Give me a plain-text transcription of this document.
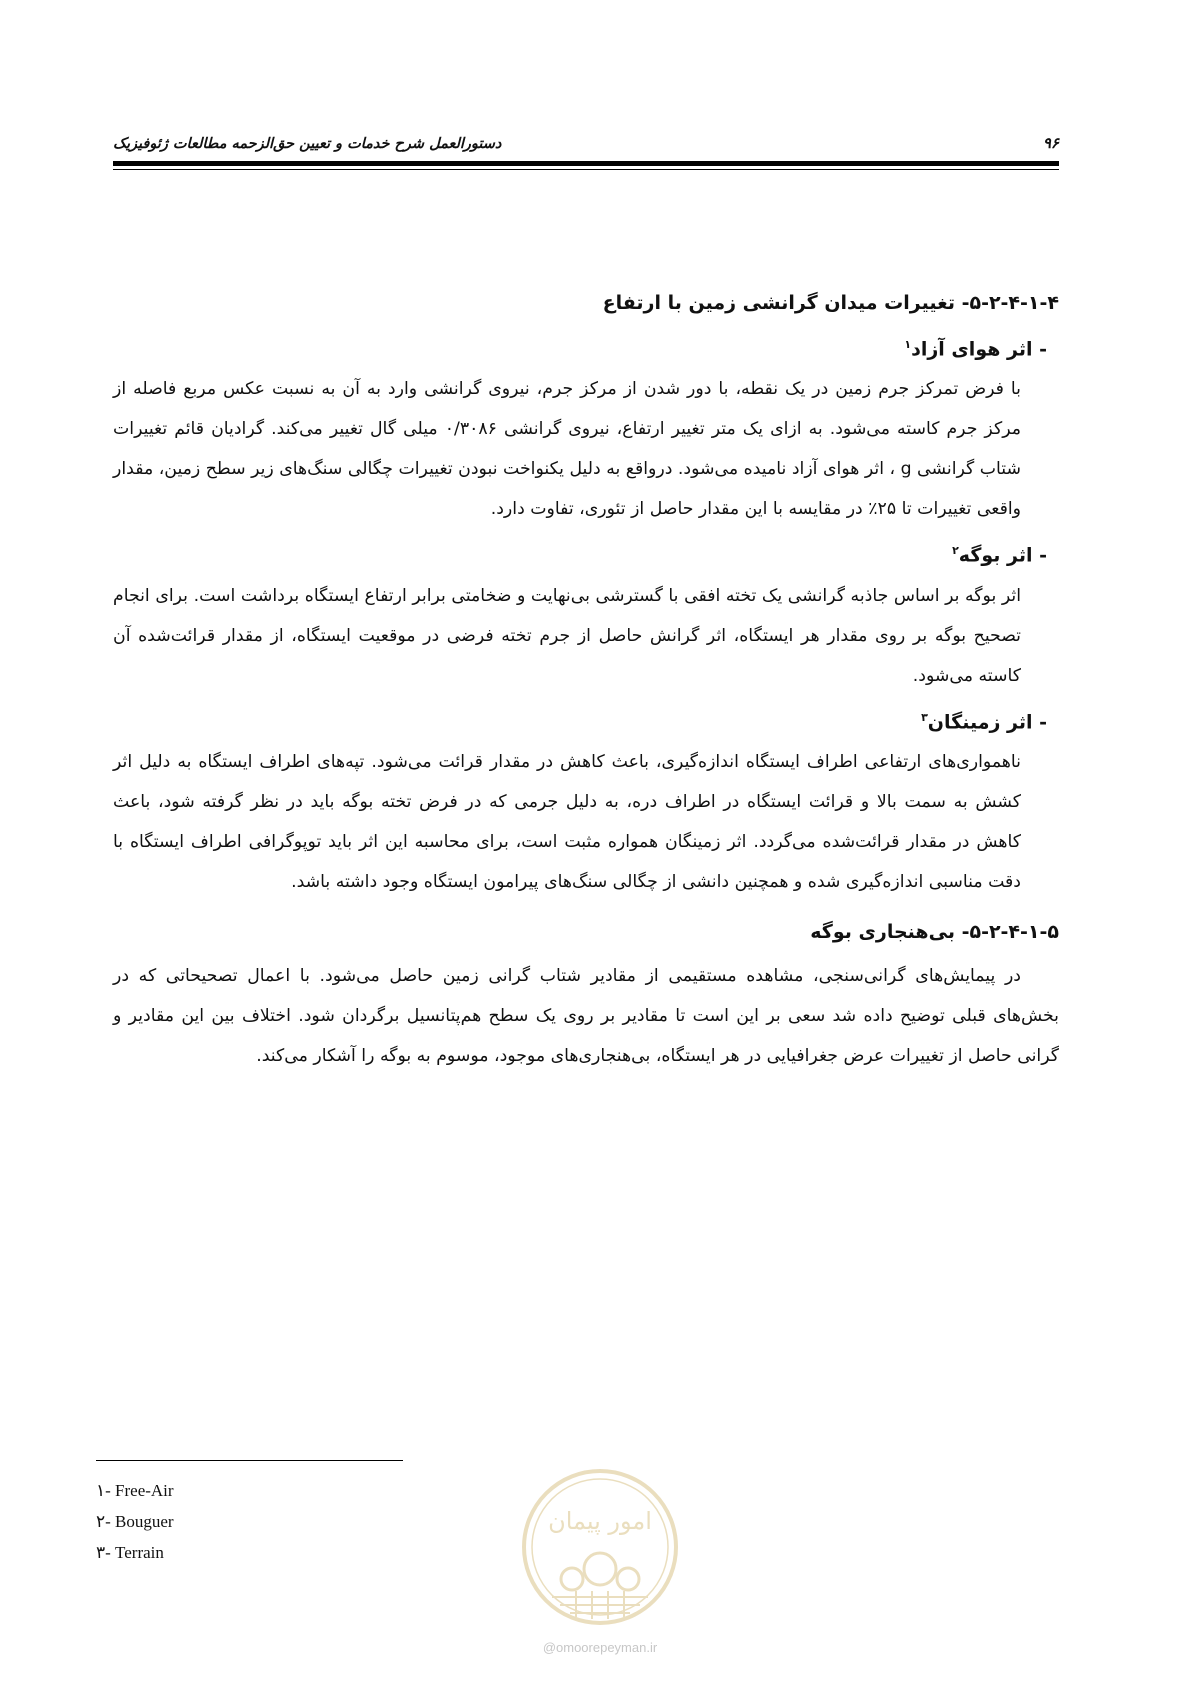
۹۶
دستورالعمل شرح خدمات و تعیین حق‌الزحمه مطالعات ژئوفیزیک
۵-۲-۴-۱-۴- تغییرات میدان گرانشی زمین با ارتفاع
- اثر هوای آزاد$^۱$

با فرض تمرکز جرم زمین در یک نقطه، با دور شدن از مرکز جرم، نیروی گرانشی وارد به آن به نسبت عکس مربع فاصله از مرکز جرم کاسته می‌شود. به ازای یک متر تغییر ارتفاع، نیروی گرانشی ۰/۳۰۸۶ میلی گال تغییر می‌کند. گرادیان قائم تغییرات شتاب گرانشی g ، اثر هوای آزاد نامیده می‌شود. درواقع به دلیل یکنواخت نبودن تغییرات چگالی سنگ‌های زیر سطح زمین، مقدار واقعی تغییرات تا ۲۵٪ در مقایسه با این مقدار حاصل از تئوری، تفاوت دارد.

- اثر بوگه$^۲$

اثر بوگه بر اساس جاذبه گرانشی یک تخته افقی با گسترشی بی‌نهایت و ضخامتی برابر ارتفاع ایستگاه برداشت است. برای انجام تصحیح بوگه بر روی مقدار هر ایستگاه، اثر گرانش حاصل از جرم تخته فرضی در موقعیت ایستگاه، از مقدار قرائت‌شده آن کاسته می‌شود.

- اثر زمینگان$^۳$

ناهمواری‌های ارتفاعی اطراف ایستگاه اندازه‌گیری، باعث کاهش در مقدار قرائت می‌شود. تپه‌های اطراف ایستگاه به دلیل اثر کشش به سمت بالا و قرائت ایستگاه در اطراف دره، به دلیل جرمی که در فرض تخته بوگه باید در نظر گرفته شود، باعث کاهش در مقدار قرائت‌شده می‌گردد. اثر زمینگان همواره مثبت است، برای محاسبه این اثر باید توپوگرافی اطراف ایستگاه با دقت مناسبی اندازه‌گیری شده و همچنین دانشی از چگالی سنگ‌های پیرامون ایستگاه وجود داشته باشد.

۵-۲-۴-۱-۵- بی‌هنجاری بوگه

در پیمایش‌های گرانی‌سنجی، مشاهده مستقیمی از مقادیر شتاب گرانی زمین حاصل می‌شود. با اعمال تصحیحاتی که در بخش‌های قبلی توضیح داده شد سعی بر این است تا مقادیر بر روی یک سطح هم‌پتانسیل برگردان شود. اختلاف بین این مقادیر و گرانی حاصل از تغییرات عرض جغرافیایی در هر ایستگاه، بی‌هنجاری‌های موجود، موسوم به بوگه را آشکار می‌کند.

۱- Free-Air
۲- Bouguer
۳- Terrain
امور پیمان
@omoorepeyman.ir
